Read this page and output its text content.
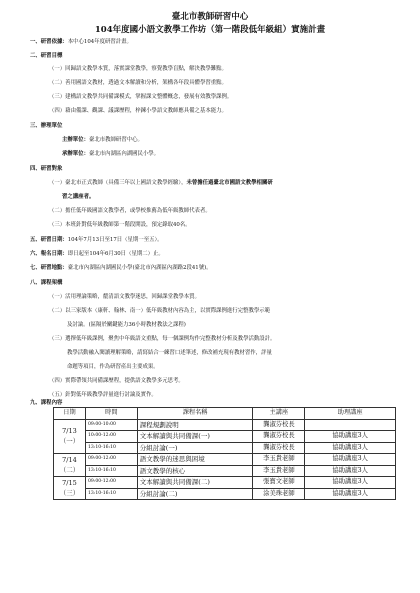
臺北市教師研習中心
104年度國小語文教學工作坊（第一階段低年級組）實施計畫
一、研習依據：本中心104年度研習計畫。
二、研習目標
（一）回歸語文教學本質，落實課堂教學，察覺教學盲點，解決教學難點。
（二）善用國語文教材，透過文本解讀和分析，架構各年段具體學習重點。
（三）建構語文教學共同備課模式，掌握課文整體概念，發展有效教學課例。
（四）藉由備課、觀課、議課歷程，梓鍊小學語文教師應具備之基本能力。
三、辦理單位
主辦單位：臺北市教師研習中心。
承辦單位：臺北市內湖區內湖國民小學。
四、研習對象
（一）臺北市正式教師（具備三年以上國語文教學經驗），未曾擔任過臺北市國語文教學相關研
習之講座者。
（二）擔任低年級國語文教學者，或學校推薦為低年級教師代表者。
（三）本班針對低年級教師第一階段開設，預定錄取40名。
五、研習日期：104年7月13日至17日（星期一至五）。
六、報名日期：即日起至104年6月30日（星期二）止。
七、研習地點：臺北市內湖區內湖國民小學(臺北市內湖區內湖路2段41號)。
八、課程架構
（一）活用理論策略，釐清語文教學迷思，回歸課堂教學本質。
（二）以三家版本（康軒、翰林、南一）低年級教材內容為主，以實際課例進行完整教學示範
及討論。(區隔於關鍵能力36小時教材教法之課程)
（三）選擇低年級課例，聚焦中年級語文重點，每一個課例均作完整教材分析及教學活動設計。
教學活動融入閱讀理解策略，請寫結合一練習口述筆述，修改補充現有教材習作，評量
命題等項目，作為研習產出主要成果。
（四）實際帶領共同備課歷程，提供語文教學多元思考。
（五）針對低年級教學評量進行討論及實作。
九、課程內容
日期	時間	課程名稱	主講座	助理講座
7/13
（一）	09:00-10:00	課程規劃說明	龔淑芬校長	
	10:00-12:00	文本解讀與共同備課(一)	龔淑芬校長	協助講座3人
	13:10-16:10	分組討論(一)	龔淑芬校長	協助講座3人
7/14
（二）	09:00-12:00	語文教學的迷思與困境	李玉貴老師	協助講座3人
	13:10-16:10	語文教學的核心	李玉貴老師	協助講座3人
7/15
（三）	09:00-12:00	文本解讀與共同備課(二)	張寶文老師	協助講座3人
	13:10-16:10	分組討論(二)	涂美珠老師	協助講座3人
